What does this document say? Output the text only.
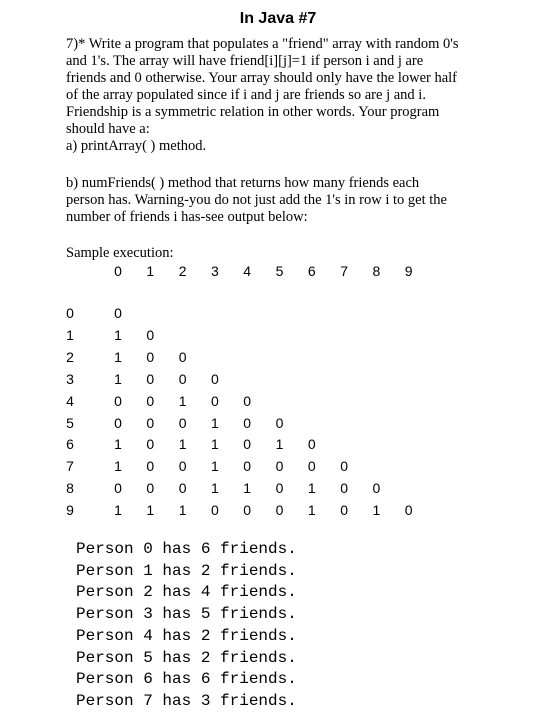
In Java #7
7)* Write a program that populates a "friend" array with random 0's
and 1's. The array will have friend[i][j]=1 if person i and j are
friends and 0 otherwise. Your array should only have the lower half
of the array populated since if i and j are friends so are j and i.
Friendship is a symmetric relation in other words. Your program
should have a:
a) printArray( ) method.
b) numFriends( ) method that returns how many friends each
person has. Warning-you do not just add the 1's in row i to get the
number of friends i has-see output below:
Sample execution:
0 1 2 3 4 5 6 7 8 9
0
1
2
3
4
5
6
7
8
9
0
1 0
1 0 0
1 0 0 0
0 0 1 0 0
0 0 0 1 0 0
1 0 1 1 0 1 0
1 0 0 1 0 0 0 0
0 0 0 1 1 0 1 0 0
1 1 1 0 0 0 1 0 1 0
Person 0 has 6 friends.
Person 1 has 2 friends.
Person 2 has 4 friends.
Person 3 has 5 friends.
Person 4 has 2 friends.
Person 5 has 2 friends.
Person 6 has 6 friends.
Person 7 has 3 friends.
